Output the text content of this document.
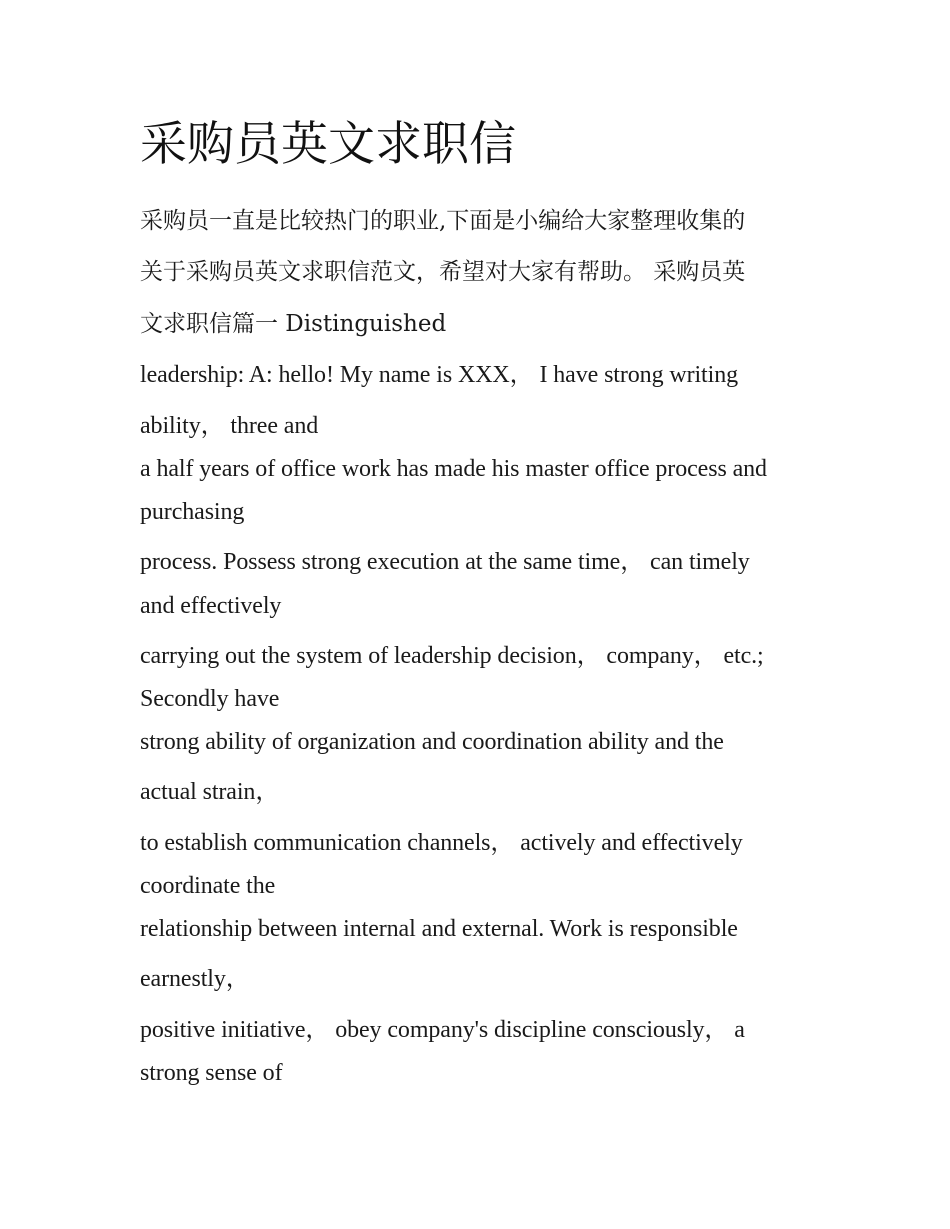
采购员英文求职信

采购员一直是比较热门的职业,下面是小编给大家整理收集的

关于采购员英文求职信范文，希望对大家有帮助。 采购员英

文求职信篇一 Distinguished

leadership: A: hello! My name is XXX， I have strong writing

ability， three and

a half years of office work has made his master office process and

purchasing

process. Possess strong execution at the same time， can timely

and effectively

carrying out the system of leadership decision， company， etc.;

Secondly have

strong ability of organization and coordination ability and the

actual strain，

to establish communication channels， actively and effectively

coordinate the

relationship between internal and external. Work is responsible

earnestly，

positive initiative， obey company's discipline consciously， a

strong sense of
